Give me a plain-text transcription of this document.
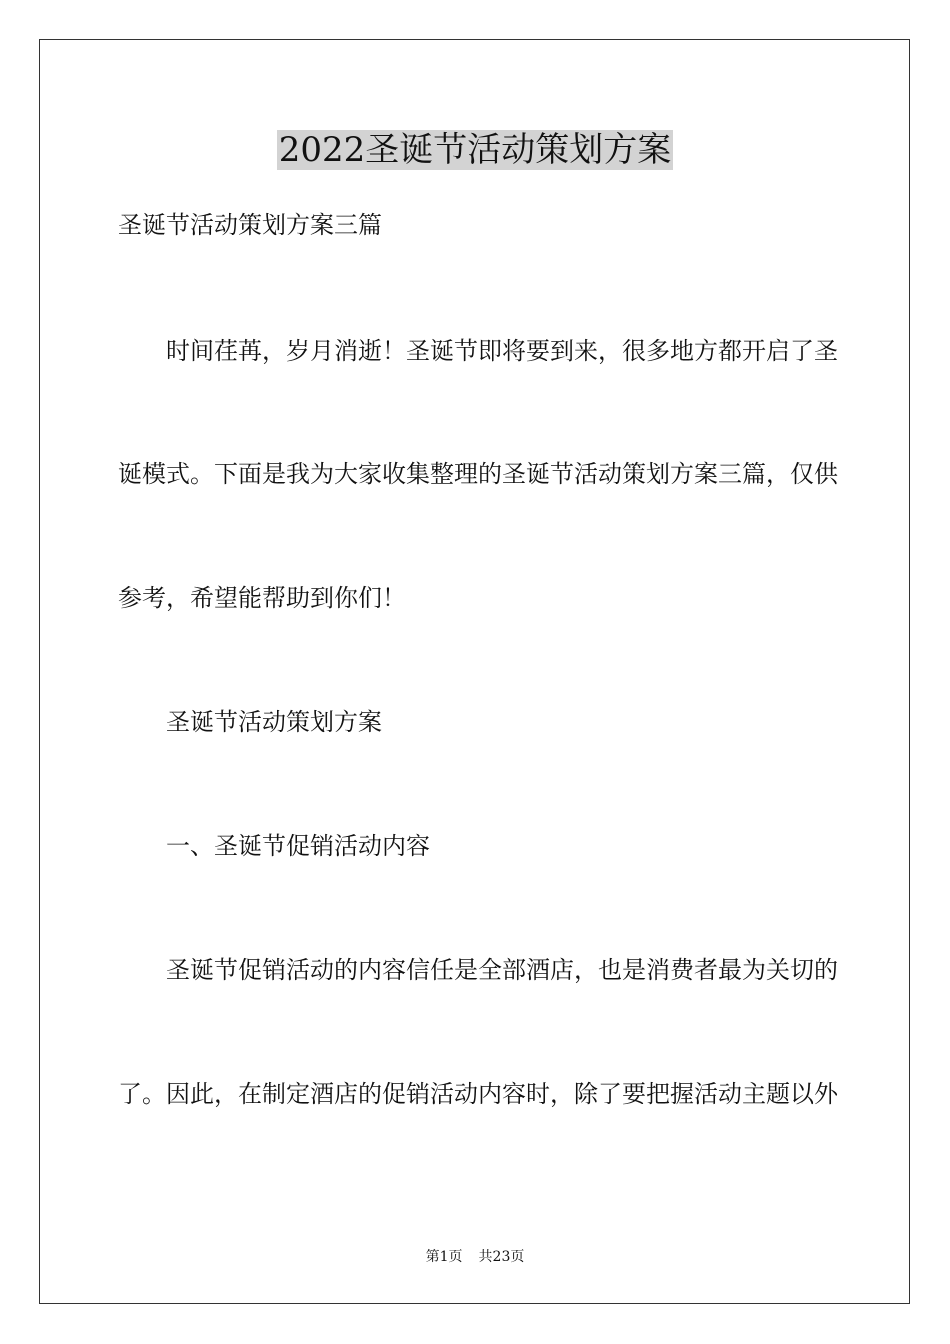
2022圣诞节活动策划方案
圣诞节活动策划方案三篇
时间荏苒，岁月消逝！圣诞节即将要到来，很多地方都开启了圣
诞模式。下面是我为大家收集整理的圣诞节活动策划方案三篇，仅供
参考，希望能帮助到你们！
圣诞节活动策划方案
一、圣诞节促销活动内容
圣诞节促销活动的内容信任是全部酒店，也是消费者最为关切的
了。因此，在制定酒店的促销活动内容时，除了要把握活动主题以外
第1页 共23页
